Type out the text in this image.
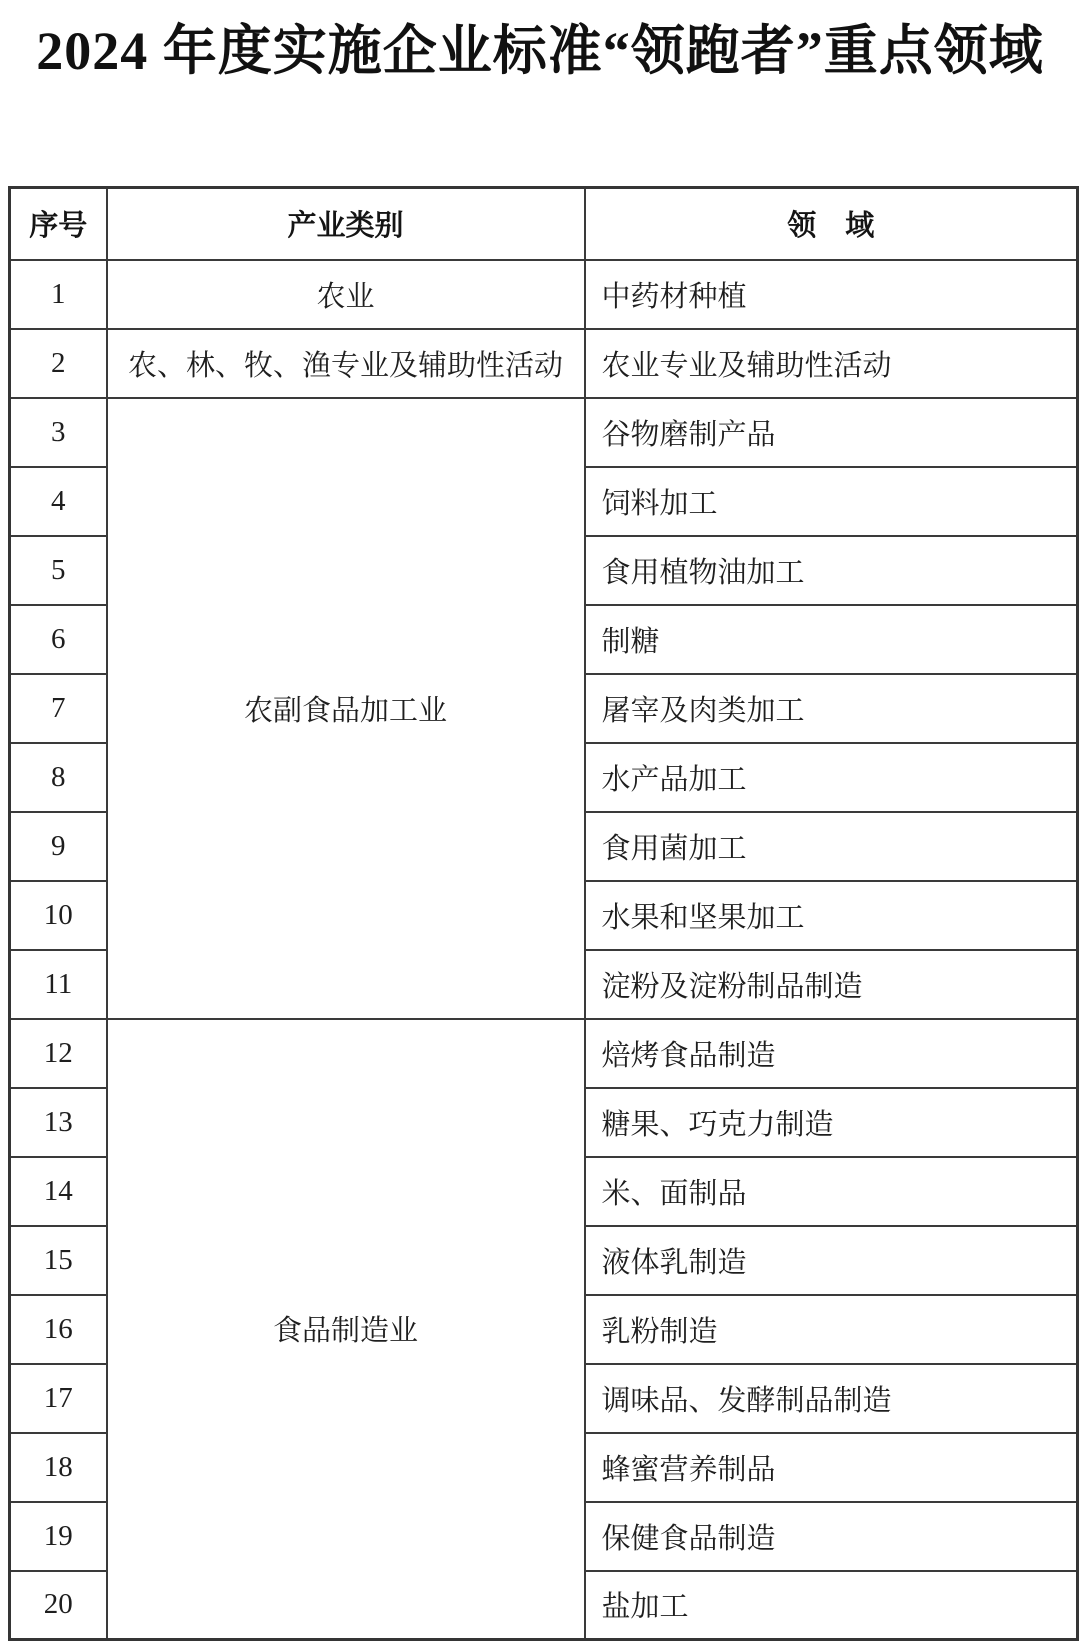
2024 年度实施企业标准“领跑者”重点领域
序号	产业类别	领　域
1	农业	中药材种植
2	农、林、牧、渔专业及辅助性活动	农业专业及辅助性活动
3	农副食品加工业	谷物磨制产品
4		饲料加工
5		食用植物油加工
6		制糖
7		屠宰及肉类加工
8		水产品加工
9		食用菌加工
10		水果和坚果加工
11		淀粉及淀粉制品制造
12	食品制造业	焙烤食品制造
13		糖果、巧克力制造
14		米、面制品
15		液体乳制造
16		乳粉制造
17		调味品、发酵制品制造
18		蜂蜜营养制品
19		保健食品制造
20		盐加工
